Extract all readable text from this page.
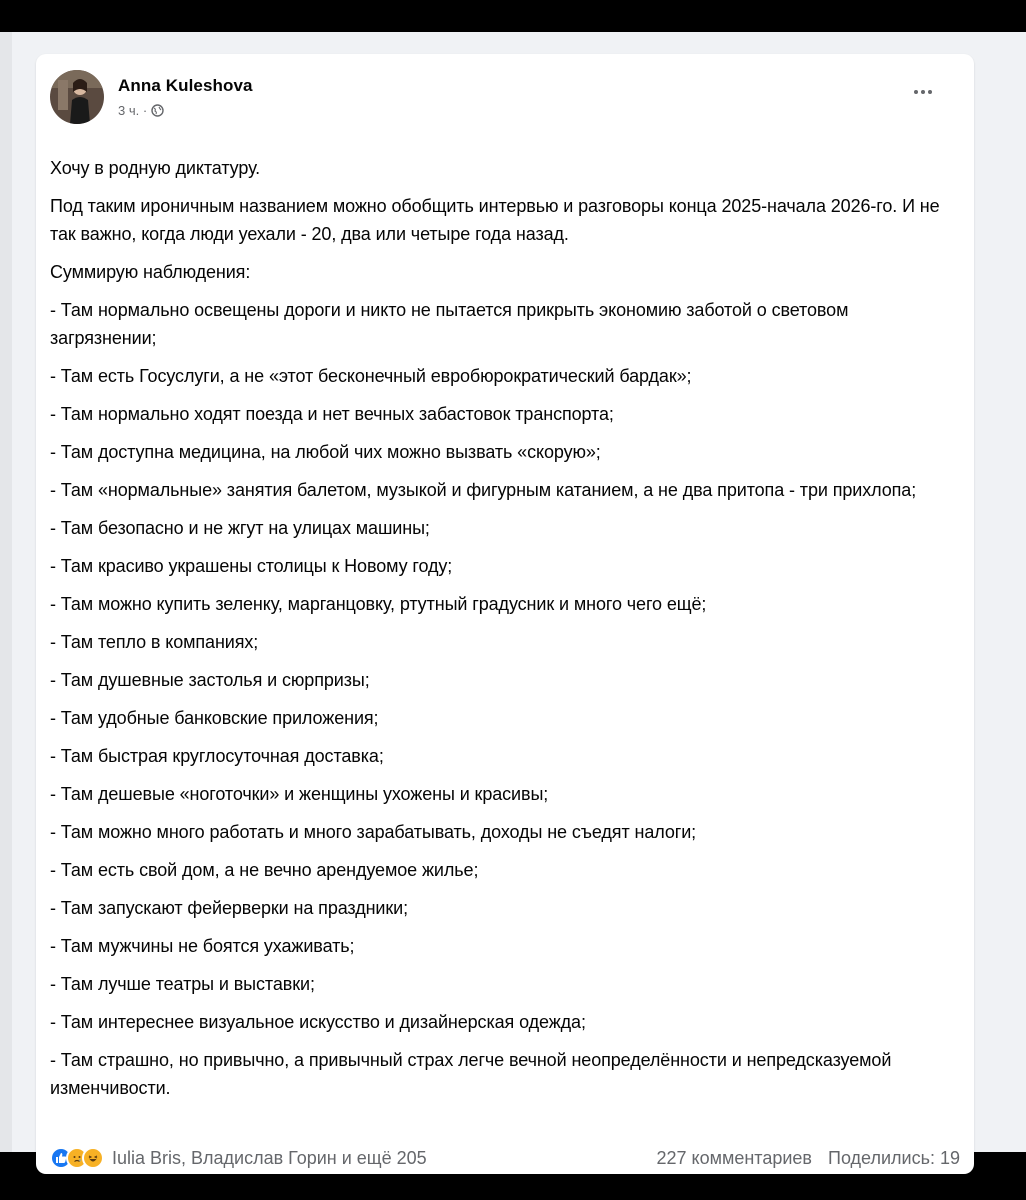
Anna Kuleshova
3 ч. ·

Хочу в родную диктатуру.

Под таким ироничным названием можно обобщить интервью и разговоры конца 2025-начала 2026-го. И не так важно, когда люди уехали - 20, два или четыре года назад.

Суммирую наблюдения:

- Там нормально освещены дороги и никто не пытается прикрыть экономию заботой о световом загрязнении;

- Там есть Госуслуги, а не «этот бесконечный евробюрократический бардак»;

- Там нормально ходят поезда и нет вечных забастовок транспорта;

- Там доступна медицина, на любой чих можно вызвать «скорую»;

- Там «нормальные» занятия балетом, музыкой и фигурным катанием, а не два притопа - три прихлопа;

- Там безопасно и не жгут на улицах машины;

- Там красиво украшены столицы к Новому году;

- Там можно купить зеленку, марганцовку, ртутный градусник и много чего ещё;

- Там тепло в компаниях;

- Там душевные застолья и сюрпризы;

- Там удобные банковские приложения;

- Там быстрая круглосуточная доставка;

- Там дешевые «ноготочки» и женщины ухожены и красивы;

- Там можно много работать и много зарабатывать, доходы не съедят налоги;

- Там есть свой дом, а не вечно арендуемое жилье;

- Там запускают фейерверки на праздники;

- Там мужчины не боятся ухаживать;

- Там лучше театры и выставки;

- Там интереснее визуальное искусство и дизайнерская одежда;

- Там страшно, но привычно, а привычный страх легче вечной неопределённости и непредсказуемой изменчивости.

Iulia Bris, Владислав Горин и ещё 205	227 комментариев Поделились: 19
